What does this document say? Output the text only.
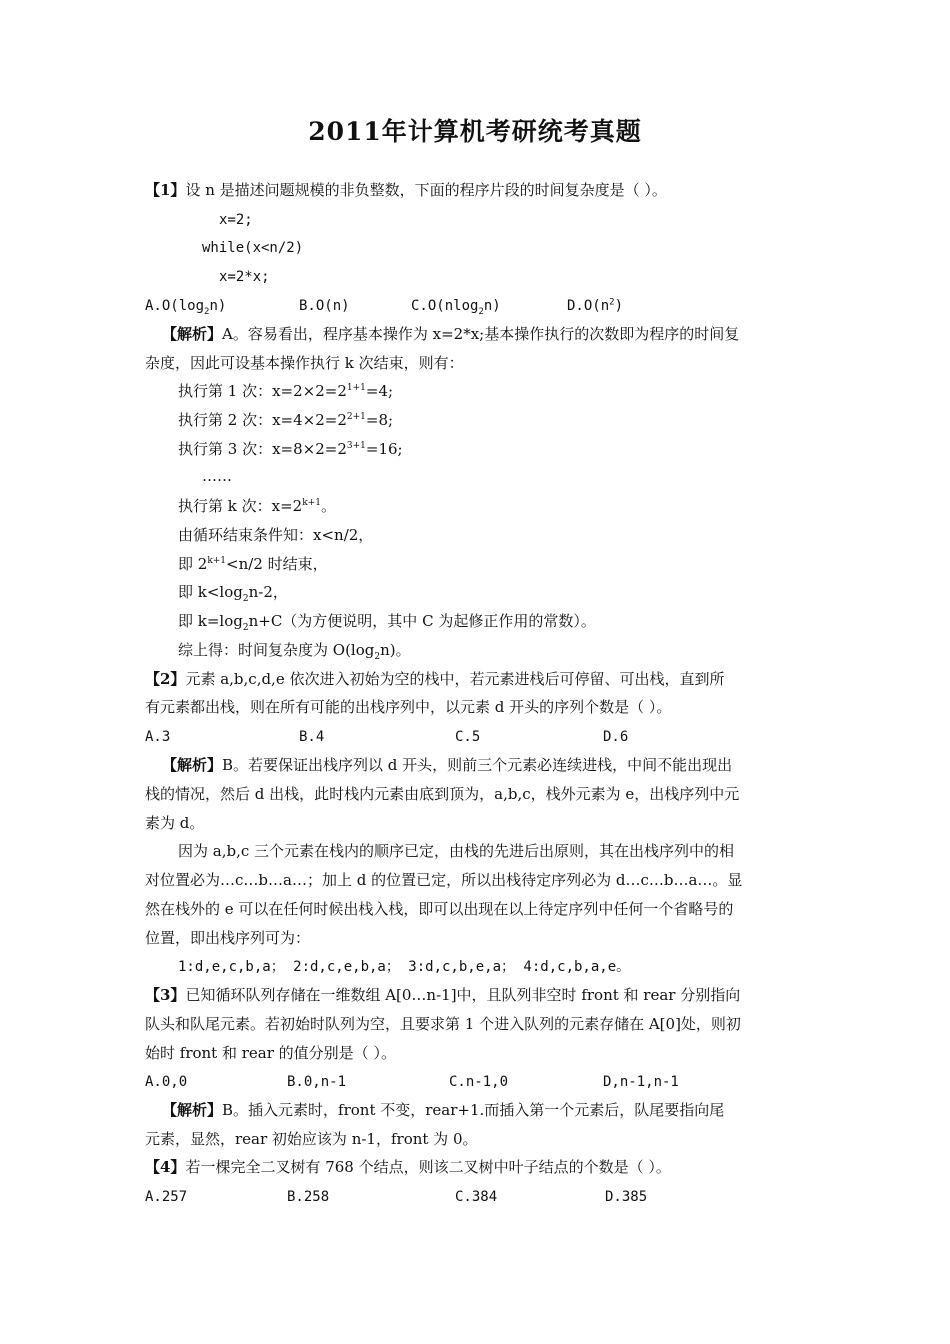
2011年计算机考研统考真题
【1】设 n 是描述问题规模的非负整数，下面的程序片段的时间复杂度是（ ）。
x=2;
while(x<n/2)
x=2*x;
$A.O(\log_2n)$	B.O(n)	C.O(nlog$_2$n)	$D.O(n^2)$
【解析】A。容易看出，程序基本操作为 x=2*x;基本操作执行的次数即为程序的时间复
杂度，因此可设基本操作执行 k 次结束，则有：
执行第 1 次：$x=2\times 2=2^{1+1}=4$;
执行第 2 次：$x=4\times 2=2^{2+1}=8$;
执行第 3 次：$x=8\times 2=2^{3+1}=16$;
……
执行第 k 次：$x=2^{k+1}$。
由循环结束条件知：x<n/2，
即 $2^{k+1}<n/2$ 时结束，
即 $k<\log_2n-2$，
即 $k=\log_2n+C$（为方便说明，其中 C 为起修正作用的常数）。
综上得：时间复杂度为 $O(\log_2n)$。
【2】元素 a,b,c,d,e 依次进入初始为空的栈中，若元素进栈后可停留、可出栈，直到所
有元素都出栈，则在所有可能的出栈序列中，以元素 d 开头的序列个数是（ ）。
A.3	B.4	C.5	D.6
【解析】B。若要保证出栈序列以 d 开头，则前三个元素必连续进栈，中间不能出现出
栈的情况，然后 d 出栈，此时栈内元素由底到顶为，a,b,c，栈外元素为 e，出栈序列中元
素为 d。
因为 a,b,c 三个元素在栈内的顺序已定，由栈的先进后出原则，其在出栈序列中的相
对位置必为…c…b…a…；加上 d 的位置已定，所以出栈待定序列必为 d…c…b…a…。显
然在栈外的 e 可以在任何时候出栈入栈，即可以出现在以上待定序列中任何一个省略号的
位置，即出栈序列可为：
1:d,e,c,b,a； 2:d,c,e,b,a； 3:d,c,b,e,a； 4:d,c,b,a,e。
【3】已知循环队列存储在一维数组 A[0…n-1]中，且队列非空时 front 和 rear 分别指向
队头和队尾元素。若初始时队列为空，且要求第 1 个进入队列的元素存储在 A[0]处，则初
始时 front 和 rear 的值分别是（ ）。
A.0,0	B.0,n-1	C.n-1,0	D,n-1,n-1
【解析】B。插入元素时，front 不变，rear+1.而插入第一个元素后，队尾要指向尾
元素，显然，rear 初始应该为 n-1，front 为 0。
【4】若一棵完全二叉树有 768 个结点，则该二叉树中叶子结点的个数是（ ）。
A.257	B.258	C.384	D.385
